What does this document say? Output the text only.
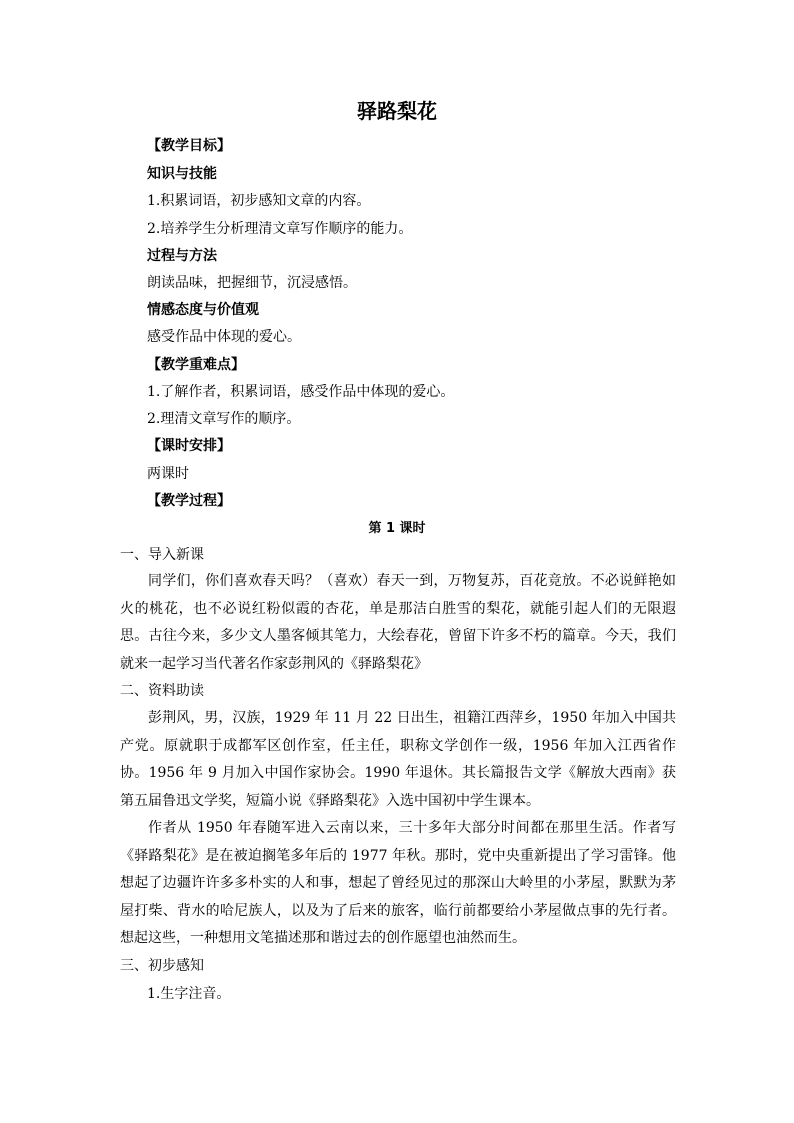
驿路梨花
【教学目标】
知识与技能
1.积累词语，初步感知文章的内容。
2.培养学生分析理清文章写作顺序的能力。
过程与方法
朗读品味，把握细节，沉浸感悟。
情感态度与价值观
感受作品中体现的爱心。
【教学重难点】
1.了解作者，积累词语，感受作品中体现的爱心。
2.理清文章写作的顺序。
【课时安排】
两课时
【教学过程】
第 1 课时
一、导入新课
同学们，你们喜欢春天吗？（喜欢）春天一到，万物复苏，百花竞放。不必说鲜艳如火的桃花，也不必说红粉似霞的杏花，单是那洁白胜雪的梨花，就能引起人们的无限遐思。古往今来，多少文人墨客倾其笔力，大绘春花，曾留下许多不朽的篇章。今天，我们就来一起学习当代著名作家彭荆风的《驿路梨花》
二、资料助读
彭荆风，男，汉族，1929 年 11 月 22 日出生，祖籍江西萍乡，1950 年加入中国共产党。原就职于成都军区创作室，任主任，职称文学创作一级，1956 年加入江西省作协。1956 年 9 月加入中国作家协会。1990 年退休。其长篇报告文学《解放大西南》获第五届鲁迅文学奖，短篇小说《驿路梨花》入选中国初中学生课本。
作者从 1950 年春随军进入云南以来，三十多年大部分时间都在那里生活。作者写《驿路梨花》是在被迫搁笔多年后的 1977 年秋。那时，党中央重新提出了学习雷锋。他想起了边疆许许多多朴实的人和事，想起了曾经见过的那深山大岭里的小茅屋，默默为茅屋打柴、背水的哈尼族人，以及为了后来的旅客，临行前都要给小茅屋做点事的先行者。想起这些，一种想用文笔描述那和谐过去的创作愿望也油然而生。
三、初步感知
1.生字注音。
